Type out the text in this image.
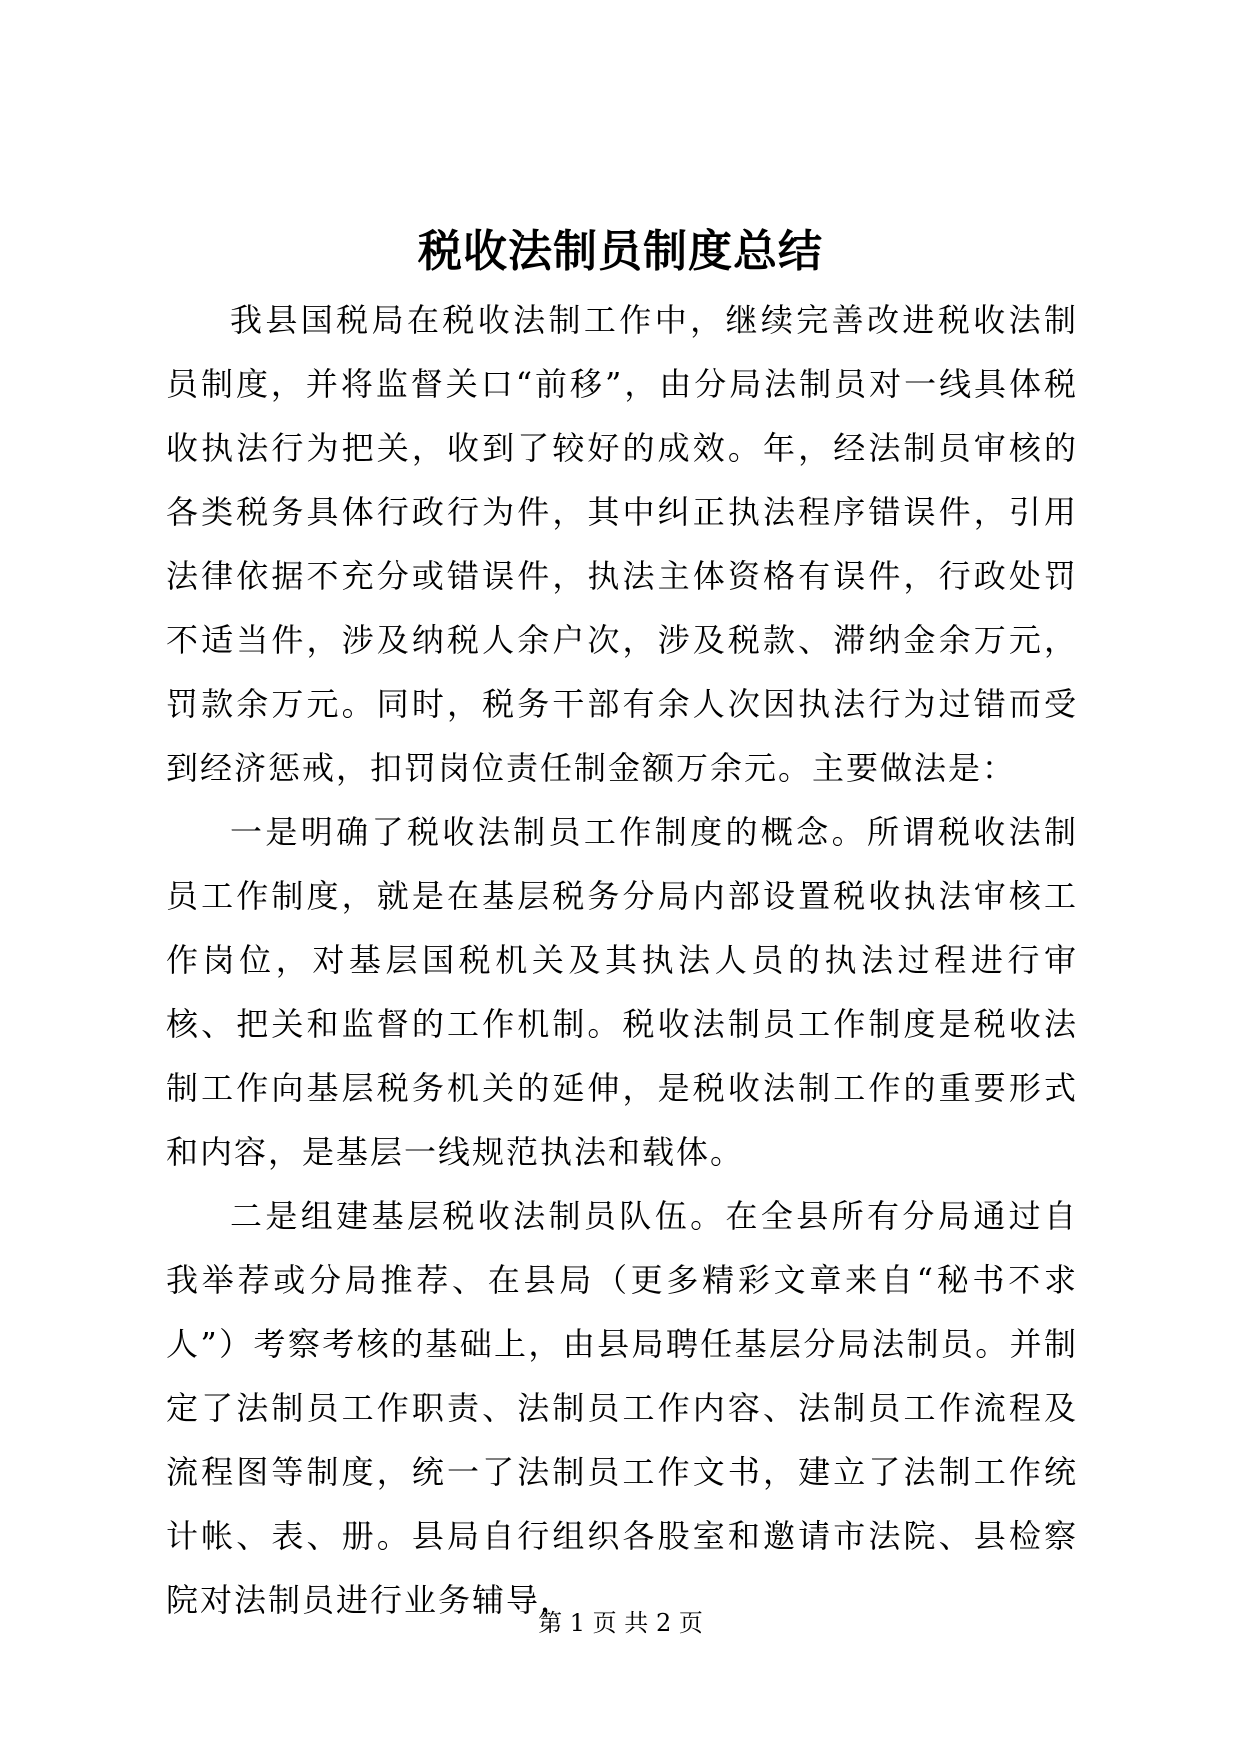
税收法制员制度总结

我县国税局在税收法制工作中，继续完善改进税收法制员制度，并将监督关口“前移”，由分局法制员对一线具体税收执法行为把关，收到了较好的成效。年，经法制员审核的各类税务具体行政行为件，其中纠正执法程序错误件，引用法律依据不充分或错误件，执法主体资格有误件，行政处罚不适当件，涉及纳税人余户次，涉及税款、滞纳金余万元，罚款余万元。同时，税务干部有余人次因执法行为过错而受到经济惩戒，扣罚岗位责任制金额万余元。主要做法是：

一是明确了税收法制员工作制度的概念。所谓税收法制员工作制度，就是在基层税务分局内部设置税收执法审核工作岗位，对基层国税机关及其执法人员的执法过程进行审核、把关和监督的工作机制。税收法制员工作制度是税收法制工作向基层税务机关的延伸，是税收法制工作的重要形式和内容，是基层一线规范执法和载体。

二是组建基层税收法制员队伍。在全县所有分局通过自我举荐或分局推荐、在县局（更多精彩文章来自“秘书不求人”）考察考核的基础上，由县局聘任基层分局法制员。并制定了法制员工作职责、法制员工作内容、法制员工作流程及流程图等制度，统一了法制员工作文书，建立了法制工作统计帐、表、册。县局自行组织各股室和邀请市法院、县检察院对法制员进行业务辅导，

第 1 页 共 2 页
